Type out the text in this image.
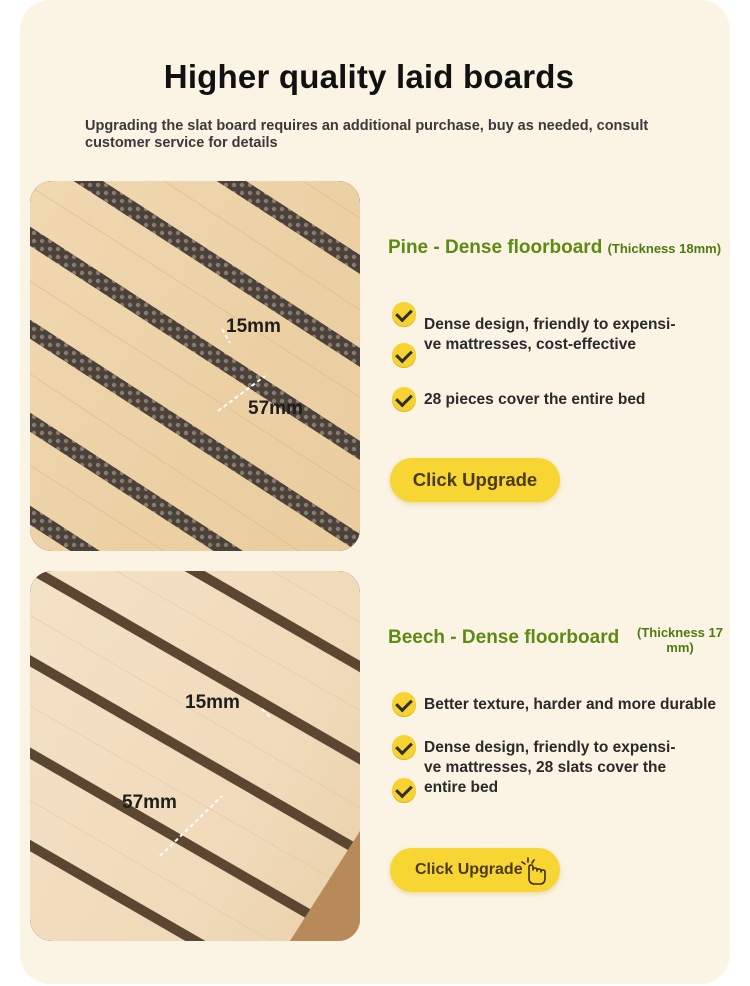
Higher quality laid boards
Upgrading the slat board requires an additional purchase, buy as needed, consult customer service for details
15mm
57mm
Pine - Dense floorboard (Thickness 18mm)
Dense design, friendly to expensi-
ve mattresses, cost-effective
28 pieces cover the entire bed
Click Upgrade
15mm
57mm
Beech - Dense floorboard	(Thickness 17
mm)
Better texture, harder and more durable
Dense design, friendly to expensi-
ve mattresses, 28 slats cover the
entire bed
Click Upgrade
